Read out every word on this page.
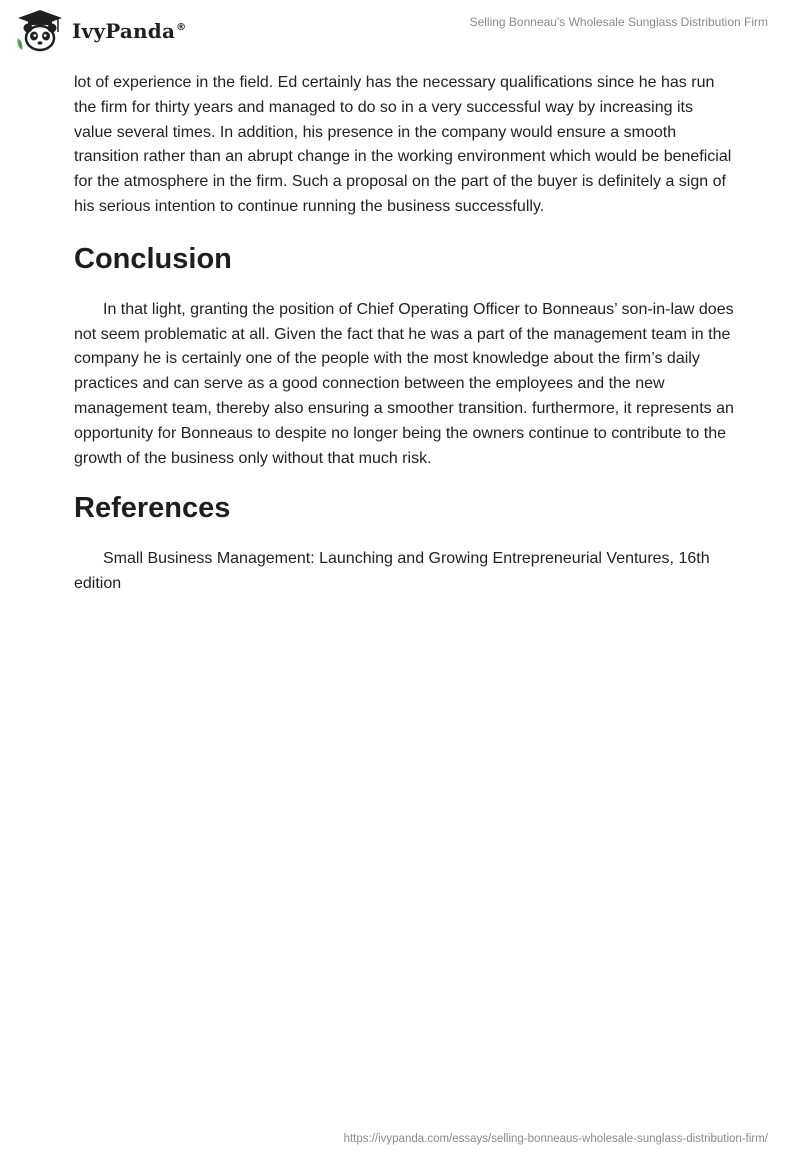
IvyPanda®	Selling Bonneau's Wholesale Sunglass Distribution Firm

lot of experience in the field. Ed certainly has the necessary qualifications since he has run the firm for thirty years and managed to do so in a very successful way by increasing its value several times. In addition, his presence in the company would ensure a smooth transition rather than an abrupt change in the working environment which would be beneficial for the atmosphere in the firm. Such a proposal on the part of the buyer is definitely a sign of his serious intention to continue running the business successfully.

Conclusion

In that light, granting the position of Chief Operating Officer to Bonneaus’ son-in-law does not seem problematic at all. Given the fact that he was a part of the management team in the company he is certainly one of the people with the most knowledge about the firm’s daily practices and can serve as a good connection between the employees and the new management team, thereby also ensuring a smoother transition. furthermore, it represents an opportunity for Bonneaus to despite no longer being the owners continue to contribute to the growth of the business only without that much risk.

References

Small Business Management: Launching and Growing Entrepreneurial Ventures, 16th edition

https://ivypanda.com/essays/selling-bonneaus-wholesale-sunglass-distribution-firm/
